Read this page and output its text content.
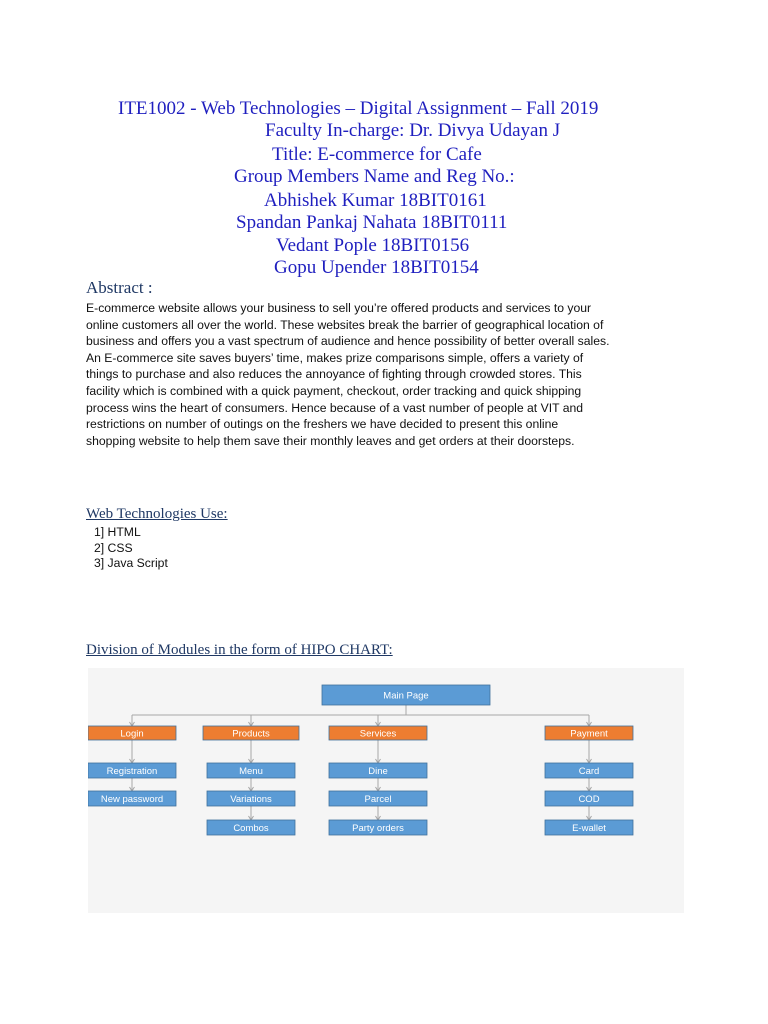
ITE1002 - Web Technologies – Digital Assignment – Fall 2019
Faculty In-charge: Dr. Divya Udayan J
Title: E-commerce for Cafe
Group Members Name and Reg No.:
Abhishek Kumar 18BIT0161
Spandan Pankaj Nahata 18BIT0111
Vedant Pople 18BIT0156
Gopu Upender 18BIT0154
Abstract :
E-commerce website allows your business to sell you’re offered products and services to your
online customers all over the world. These websites break the barrier of geographical location of
business and offers you a vast spectrum of audience and hence possibility of better overall sales.
An E-commerce site saves buyers’ time, makes prize comparisons simple, offers a variety of
things to purchase and also reduces the annoyance of fighting through crowded stores. This
facility which is combined with a quick payment, checkout, order tracking and quick shipping
process wins the heart of consumers. Hence because of a vast number of people at VIT and
restrictions on number of outings on the freshers we have decided to present this online
shopping website to help them save their monthly leaves and get orders at their doorsteps.
Web Technologies Use:
1] HTML
2] CSS
3] Java Script
Division of Modules in the form of HIPO CHART:
Main Page
Login
Registration
New password
Products
Menu
Variations
Combos
Services
Dine
Parcel
Party orders
Payment
Card
COD
E-wallet
